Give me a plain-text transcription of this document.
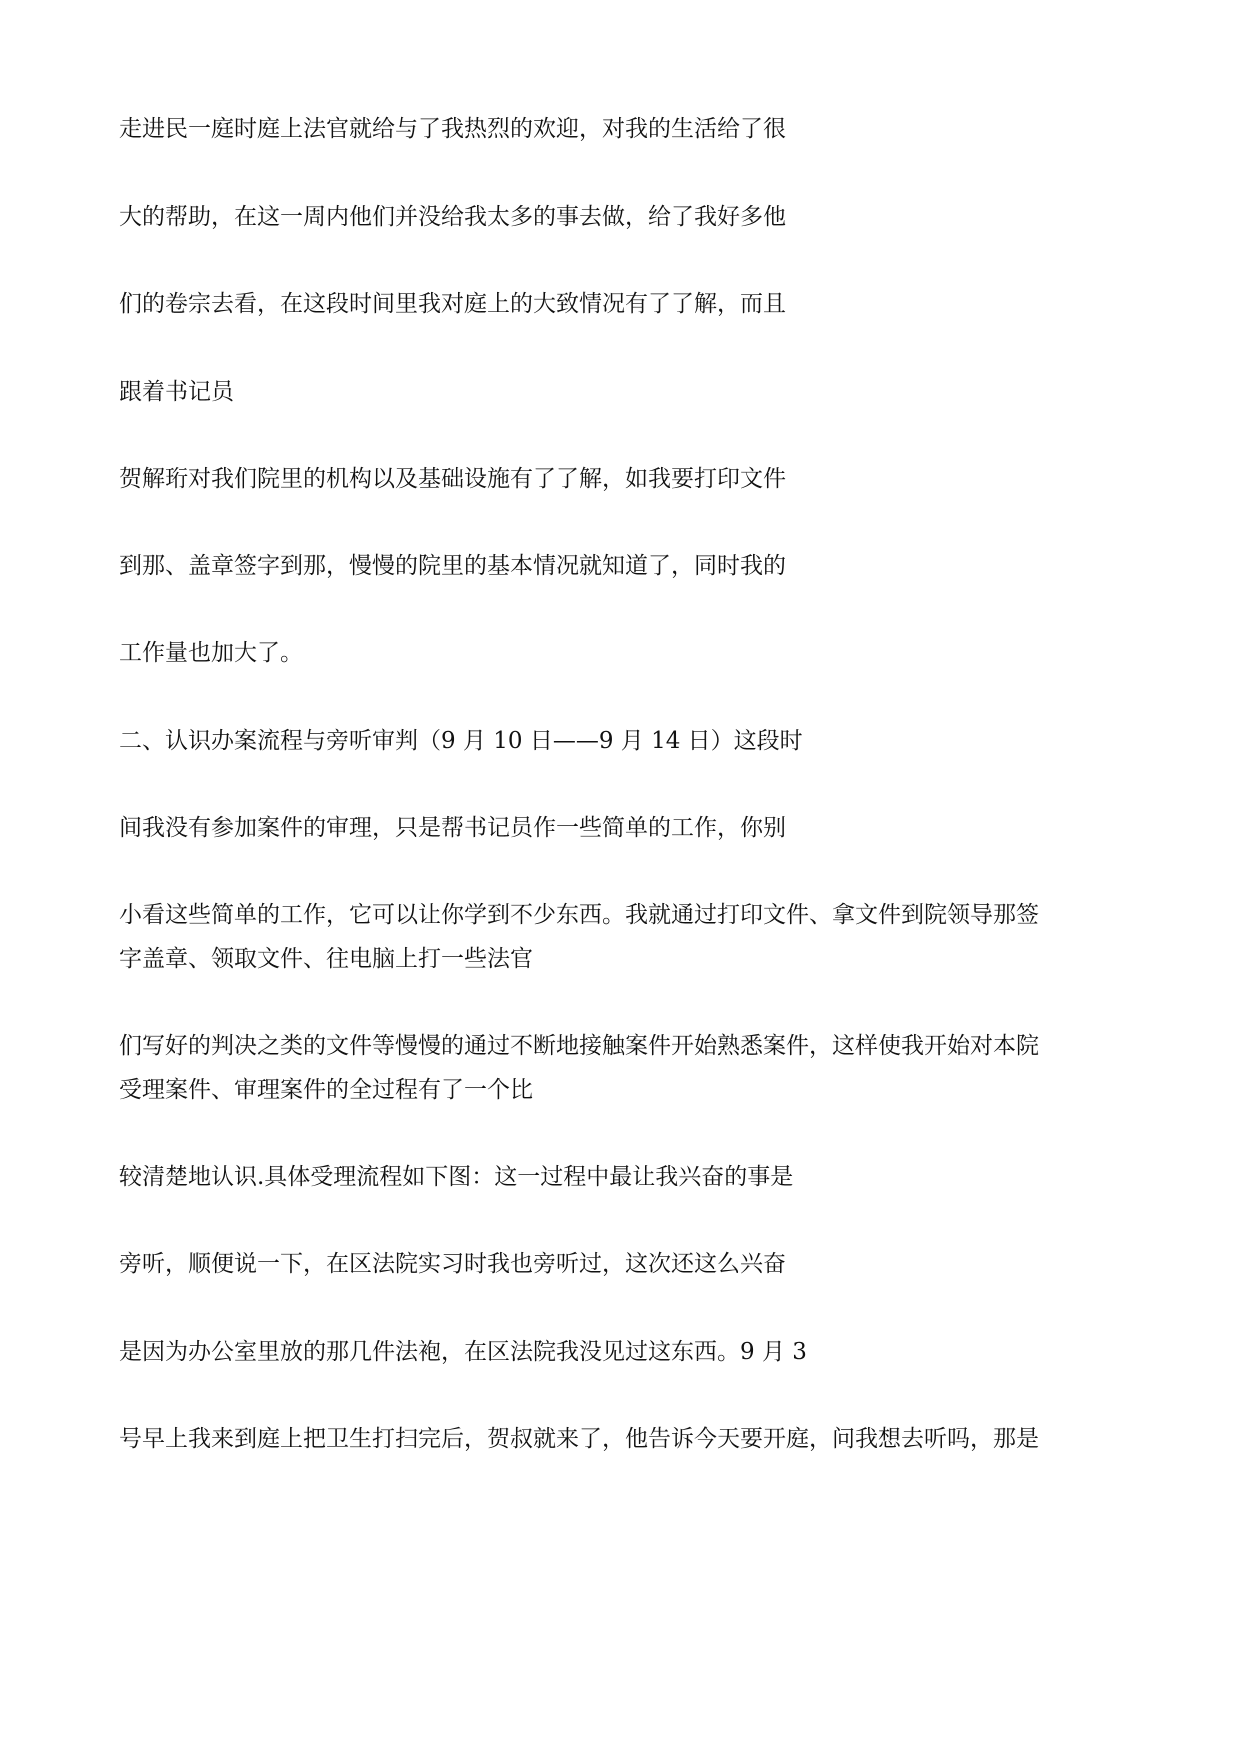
走进民一庭时庭上法官就给与了我热烈的欢迎，对我的生活给了很

大的帮助，在这一周内他们并没给我太多的事去做，给了我好多他

们的卷宗去看，在这段时间里我对庭上的大致情况有了了解，而且

跟着书记员

贺解珩对我们院里的机构以及基础设施有了了解，如我要打印文件

到那、盖章签字到那，慢慢的院里的基本情况就知道了，同时我的

工作量也加大了。

二、认识办案流程与旁听审判（9 月 10 日——9 月 14 日）这段时

间我没有参加案件的审理，只是帮书记员作一些简单的工作，你别

小看这些简单的工作，它可以让你学到不少东西。我就通过打印文件、拿文件到院领导那签

字盖章、领取文件、往电脑上打一些法官

们写好的判决之类的文件等慢慢的通过不断地接触案件开始熟悉案件，这样使我开始对本院

受理案件、审理案件的全过程有了一个比

较清楚地认识.具体受理流程如下图：这一过程中最让我兴奋的事是

旁听，顺便说一下，在区法院实习时我也旁听过，这次还这么兴奋

是因为办公室里放的那几件法袍，在区法院我没见过这东西。9 月 3

号早上我来到庭上把卫生打扫完后，贺叔就来了，他告诉今天要开庭，问我想去听吗，那是
